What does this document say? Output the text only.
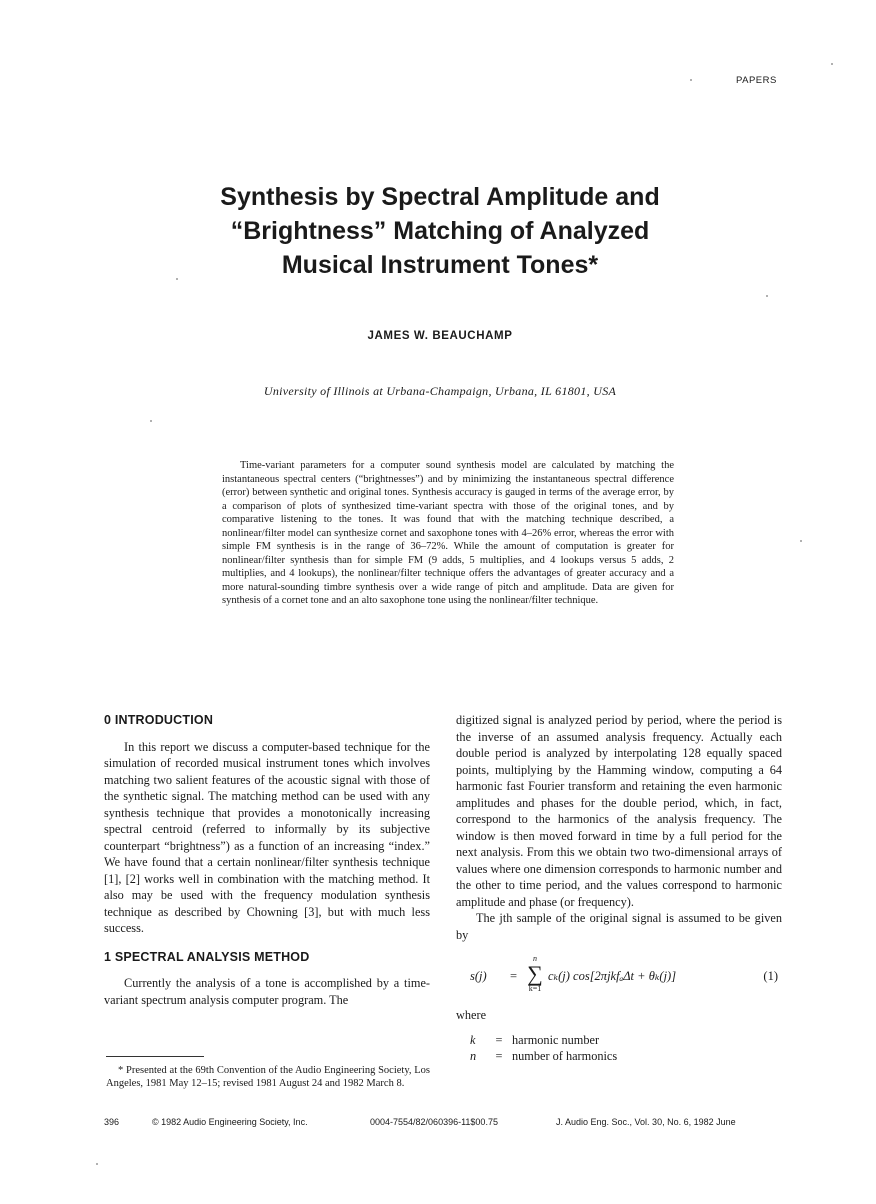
PAPERS
Synthesis by Spectral Amplitude and
“Brightness” Matching of Analyzed
Musical Instrument Tones*
JAMES W. BEAUCHAMP
University of Illinois at Urbana-Champaign, Urbana, IL 61801, USA
Time-variant parameters for a computer sound synthesis model are calculated by matching the instantaneous spectral centers (“brightnesses”) and by minimizing the instantaneous spectral difference (error) between synthetic and original tones. Synthesis accuracy is gauged in terms of the average error, by a comparison of plots of synthesized time-variant spectra with those of the original tones, and by comparative listening to the tones. It was found that with the matching technique described, a nonlinear/filter model can synthesize cornet and saxophone tones with 4–26% error, whereas the error with simple FM synthesis is in the range of 36–72%. While the amount of computation is greater for nonlinear/filter synthesis than for simple FM (9 adds, 5 multiplies, and 4 lookups versus 5 adds, 2 multiplies, and 4 lookups), the nonlinear/filter technique offers the advantages of greater accuracy and a more natural-sounding timbre synthesis over a wide range of pitch and amplitude. Data are given for synthesis of a cornet tone and an alto saxophone tone using the nonlinear/filter technique.
0 INTRODUCTION

In this report we discuss a computer-based technique for the simulation of recorded musical instrument tones which involves matching two salient features of the acoustic signal with those of the synthetic signal. The matching method can be used with any synthesis technique that provides a monotonically increasing spectral centroid (referred to informally by its subjective counterpart “brightness”) as a function of an increasing “index.” We have found that a certain nonlinear/filter synthesis technique [1], [2] works well in combination with the matching method. It also may be used with the frequency modulation synthesis technique as described by Chowning [3], but with much less success.

1 SPECTRAL ANALYSIS METHOD

Currently the analysis of a tone is accomplished by a time-variant spectrum analysis computer program. The

digitized signal is analyzed period by period, where the period is the inverse of an assumed analysis frequency. Actually each double period is analyzed by interpolating 128 equally spaced points, multiplying by the Hamming window, computing a 64 harmonic fast Fourier transform and retaining the even harmonic amplitudes and phases for the double period, which, in fact, correspond to the harmonics of the analysis frequency. The window is then moved forward in time by a full period for the next analysis. From this we obtain two two-dimensional arrays of values where one dimension corresponds to harmonic number and the other to time period, and the values correspond to harmonic amplitude and phase (or frequency).

The jth sample of the original signal is assumed to be given by

s(j) =
n
∑
k=1
cₖ(j) cos[2πjkfₐΔt + θₖ(j)]	(1)
where
k	= harmonic number
n	= number of harmonics
* Presented at the 69th Convention of the Audio Engineering Society, Los Angeles, 1981 May 12–15; revised 1981 August 24 and 1982 March 8.
396	© 1982 Audio Engineering Society, Inc.	0004-7554/82/060396-11$00.75	J. Audio Eng. Soc., Vol. 30, No. 6, 1982 June
